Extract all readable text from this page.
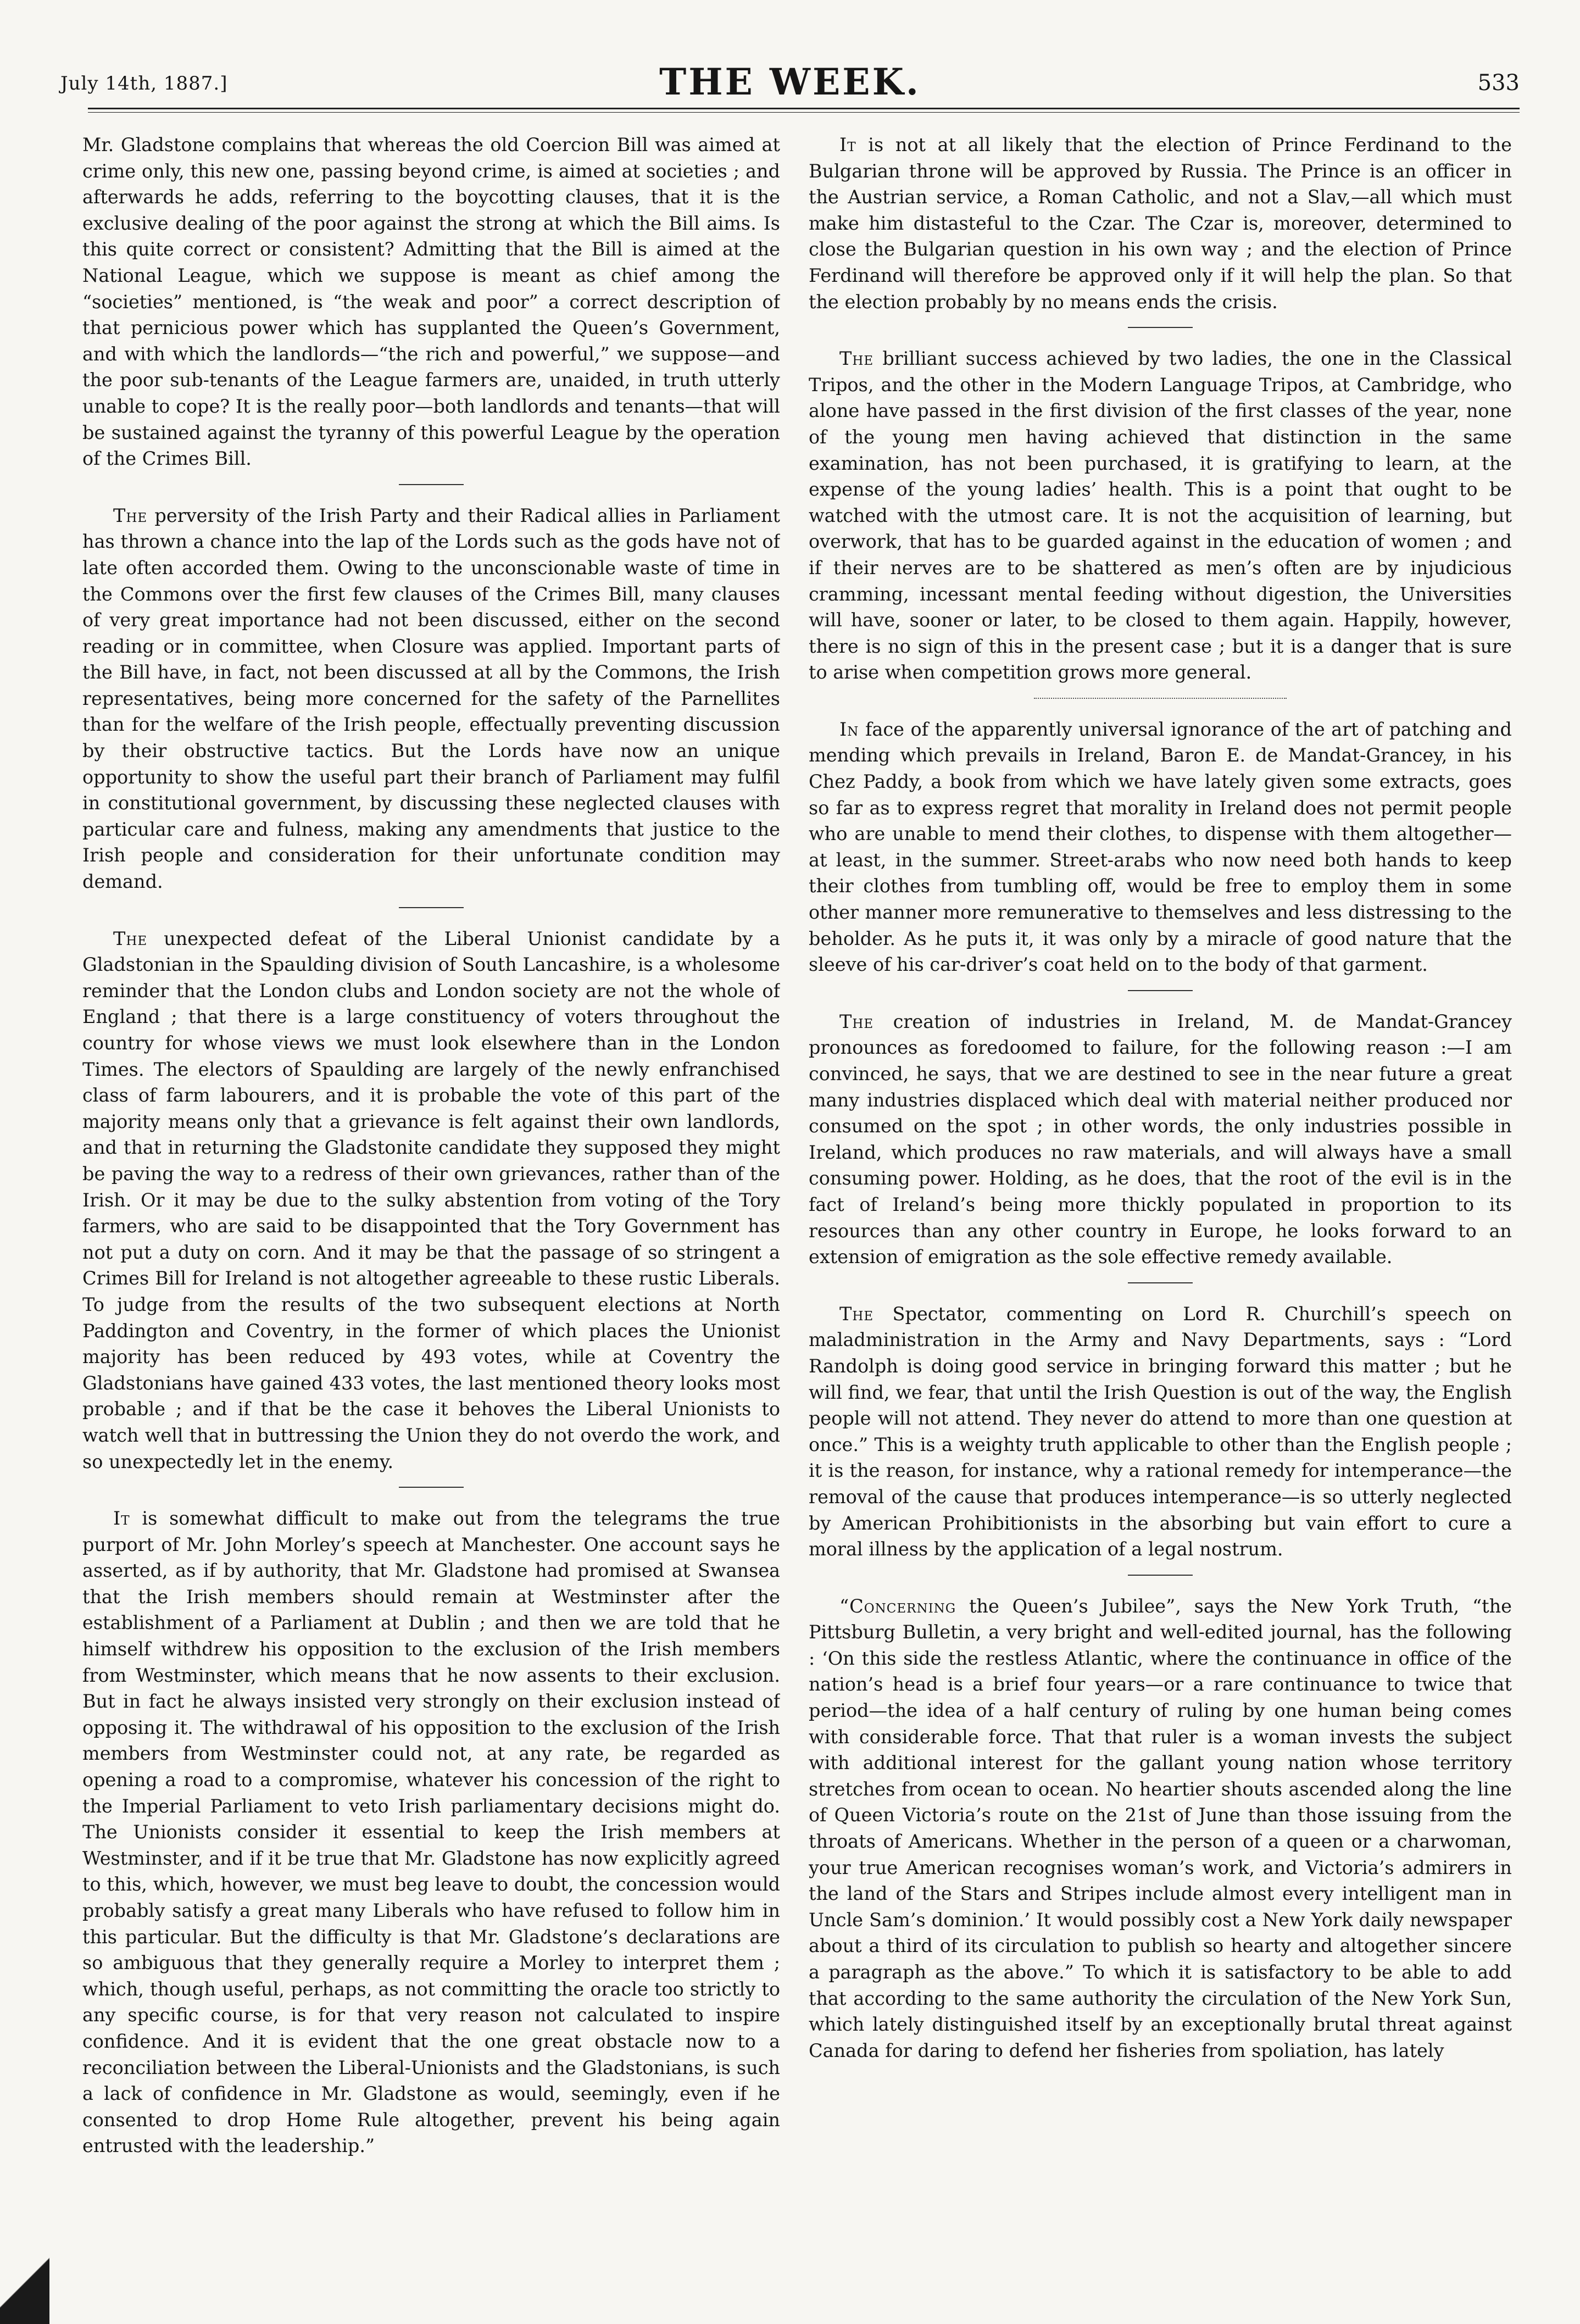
July 14th, 1887.]	THE WEEK.	533

Mr. Gladstone complains that whereas the old Coercion Bill was aimed at crime only, this new one, passing beyond crime, is aimed at societies ; and afterwards he adds, referring to the boycotting clauses, that it is the exclusive dealing of the poor against the strong at which the Bill aims. Is this quite correct or consistent? Admitting that the Bill is aimed at the National League, which we suppose is meant as chief among the “societies” mentioned, is “the weak and poor” a correct description of that pernicious power which has supplanted the Queen’s Government, and with which the landlords—“the rich and powerful,” we suppose—and the poor sub-tenants of the League farmers are, unaided, in truth utterly unable to cope? It is the really poor—both landlords and tenants—that will be sustained against the tyranny of this powerful League by the operation of the Crimes Bill.

The perversity of the Irish Party and their Radical allies in Parliament has thrown a chance into the lap of the Lords such as the gods have not of late often accorded them. Owing to the unconscionable waste of time in the Commons over the first few clauses of the Crimes Bill, many clauses of very great importance had not been discussed, either on the second reading or in committee, when Closure was applied. Important parts of the Bill have, in fact, not been discussed at all by the Commons, the Irish representatives, being more concerned for the safety of the Parnellites than for the welfare of the Irish people, effectually preventing discussion by their obstructive tactics. But the Lords have now an unique opportunity to show the useful part their branch of Parliament may fulfil in constitutional government, by discussing these neglected clauses with particular care and fulness, making any amendments that justice to the Irish people and consideration for their unfortunate condition may demand.

The unexpected defeat of the Liberal Unionist candidate by a Gladstonian in the Spaulding division of South Lancashire, is a wholesome reminder that the London clubs and London society are not the whole of England ; that there is a large constituency of voters throughout the country for whose views we must look elsewhere than in the London Times. The electors of Spaulding are largely of the newly enfranchised class of farm labourers, and it is probable the vote of this part of the majority means only that a grievance is felt against their own landlords, and that in returning the Gladstonite candidate they supposed they might be paving the way to a redress of their own grievances, rather than of the Irish. Or it may be due to the sulky abstention from voting of the Tory farmers, who are said to be disappointed that the Tory Government has not put a duty on corn. And it may be that the passage of so stringent a Crimes Bill for Ireland is not altogether agreeable to these rustic Liberals. To judge from the results of the two subsequent elections at North Paddington and Coventry, in the former of which places the Unionist majority has been reduced by 493 votes, while at Coventry the Gladstonians have gained 433 votes, the last mentioned theory looks most probable ; and if that be the case it behoves the Liberal Unionists to watch well that in buttressing the Union they do not overdo the work, and so unexpectedly let in the enemy.

It is somewhat difficult to make out from the telegrams the true purport of Mr. John Morley’s speech at Manchester. One account says he asserted, as if by authority, that Mr. Gladstone had promised at Swansea that the Irish members should remain at Westminster after the establishment of a Parliament at Dublin ; and then we are told that he himself withdrew his opposition to the exclusion of the Irish members from Westminster, which means that he now assents to their exclusion. But in fact he always insisted very strongly on their exclusion instead of opposing it. The withdrawal of his opposition to the exclusion of the Irish members from Westminster could not, at any rate, be regarded as opening a road to a compromise, whatever his concession of the right to the Imperial Parliament to veto Irish parliamentary decisions might do. The Unionists consider it essential to keep the Irish members at Westminster, and if it be true that Mr. Gladstone has now explicitly agreed to this, which, however, we must beg leave to doubt, the concession would probably satisfy a great many Liberals who have refused to follow him in this particular. But the difficulty is that Mr. Gladstone’s declarations are so ambiguous that they generally require a Morley to interpret them ; which, though useful, perhaps, as not committing the oracle too strictly to any specific course, is for that very reason not calculated to inspire confidence. And it is evident that the one great obstacle now to a reconciliation between the Liberal-Unionists and the Gladstonians, is such a lack of confidence in Mr. Gladstone as would, seemingly, even if he consented to drop Home Rule altogether, prevent his being again entrusted with the leadership.”

It is not at all likely that the election of Prince Ferdinand to the Bulgarian throne will be approved by Russia. The Prince is an officer in the Austrian service, a Roman Catholic, and not a Slav,—all which must make him distasteful to the Czar. The Czar is, moreover, determined to close the Bulgarian question in his own way ; and the election of Prince Ferdinand will therefore be approved only if it will help the plan. So that the election probably by no means ends the crisis.

The brilliant success achieved by two ladies, the one in the Classical Tripos, and the other in the Modern Language Tripos, at Cambridge, who alone have passed in the first division of the first classes of the year, none of the young men having achieved that distinction in the same examination, has not been purchased, it is gratifying to learn, at the expense of the young ladies’ health. This is a point that ought to be watched with the utmost care. It is not the acquisition of learning, but overwork, that has to be guarded against in the education of women ; and if their nerves are to be shattered as men’s often are by injudicious cramming, incessant mental feeding without digestion, the Universities will have, sooner or later, to be closed to them again. Happily, however, there is no sign of this in the present case ; but it is a danger that is sure to arise when competition grows more general.

In face of the apparently universal ignorance of the art of patching and mending which prevails in Ireland, Baron E. de Mandat-Grancey, in his Chez Paddy, a book from which we have lately given some extracts, goes so far as to express regret that morality in Ireland does not permit people who are unable to mend their clothes, to dispense with them altogether—at least, in the summer. Street-arabs who now need both hands to keep their clothes from tumbling off, would be free to employ them in some other manner more remunerative to themselves and less distressing to the beholder. As he puts it, it was only by a miracle of good nature that the sleeve of his car-driver’s coat held on to the body of that garment.

The creation of industries in Ireland, M. de Mandat-Grancey pronounces as foredoomed to failure, for the following reason :—I am convinced, he says, that we are destined to see in the near future a great many industries displaced which deal with material neither produced nor consumed on the spot ; in other words, the only industries possible in Ireland, which produces no raw materials, and will always have a small consuming power. Holding, as he does, that the root of the evil is in the fact of Ireland’s being more thickly populated in proportion to its resources than any other country in Europe, he looks forward to an extension of emigration as the sole effective remedy available.

The Spectator, commenting on Lord R. Churchill’s speech on maladministration in the Army and Navy Departments, says : “Lord Randolph is doing good service in bringing forward this matter ; but he will find, we fear, that until the Irish Question is out of the way, the English people will not attend. They never do attend to more than one question at once.” This is a weighty truth applicable to other than the English people ; it is the reason, for instance, why a rational remedy for intemperance—the removal of the cause that produces intemperance—is so utterly neglected by American Prohibitionists in the absorbing but vain effort to cure a moral illness by the application of a legal nostrum.

“Concerning the Queen’s Jubilee”, says the New York Truth, “the Pittsburg Bulletin, a very bright and well-edited journal, has the following : ‘On this side the restless Atlantic, where the continuance in office of the nation’s head is a brief four years—or a rare continuance to twice that period—the idea of a half century of ruling by one human being comes with considerable force. That that ruler is a woman invests the subject with additional interest for the gallant young nation whose territory stretches from ocean to ocean. No heartier shouts ascended along the line of Queen Victoria’s route on the 21st of June than those issuing from the throats of Americans. Whether in the person of a queen or a charwoman, your true American recognises woman’s work, and Victoria’s admirers in the land of the Stars and Stripes include almost every intelligent man in Uncle Sam’s dominion.’ It would possibly cost a New York daily newspaper about a third of its circulation to publish so hearty and altogether sincere a paragraph as the above.” To which it is satisfactory to be able to add that according to the same authority the circulation of the New York Sun, which lately distinguished itself by an exceptionally brutal threat against Canada for daring to defend her fisheries from spoliation, has lately
